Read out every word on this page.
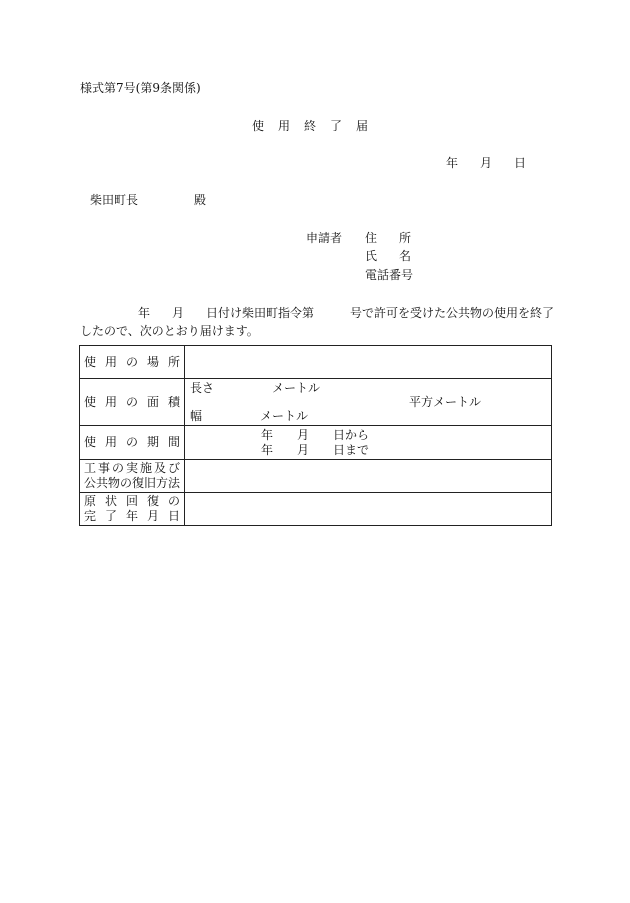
様式第7号(第9条関係)
使用終了届
年 月 日
柴田町長	殿
申請者 住所
氏名
電話番号
年 月 日付け柴田町指令第	号で許可を受けた公共物の使用を終了
したので、次のとおり届けます。
使用の場所	

使用の面積	長さ メートル
平方メートル
幅 メートル

使用の期間	年　　月　　日から
年　　月　　日まで

工事の実施及び
公共物の復旧方法	

原状回復の
完了年月日	
